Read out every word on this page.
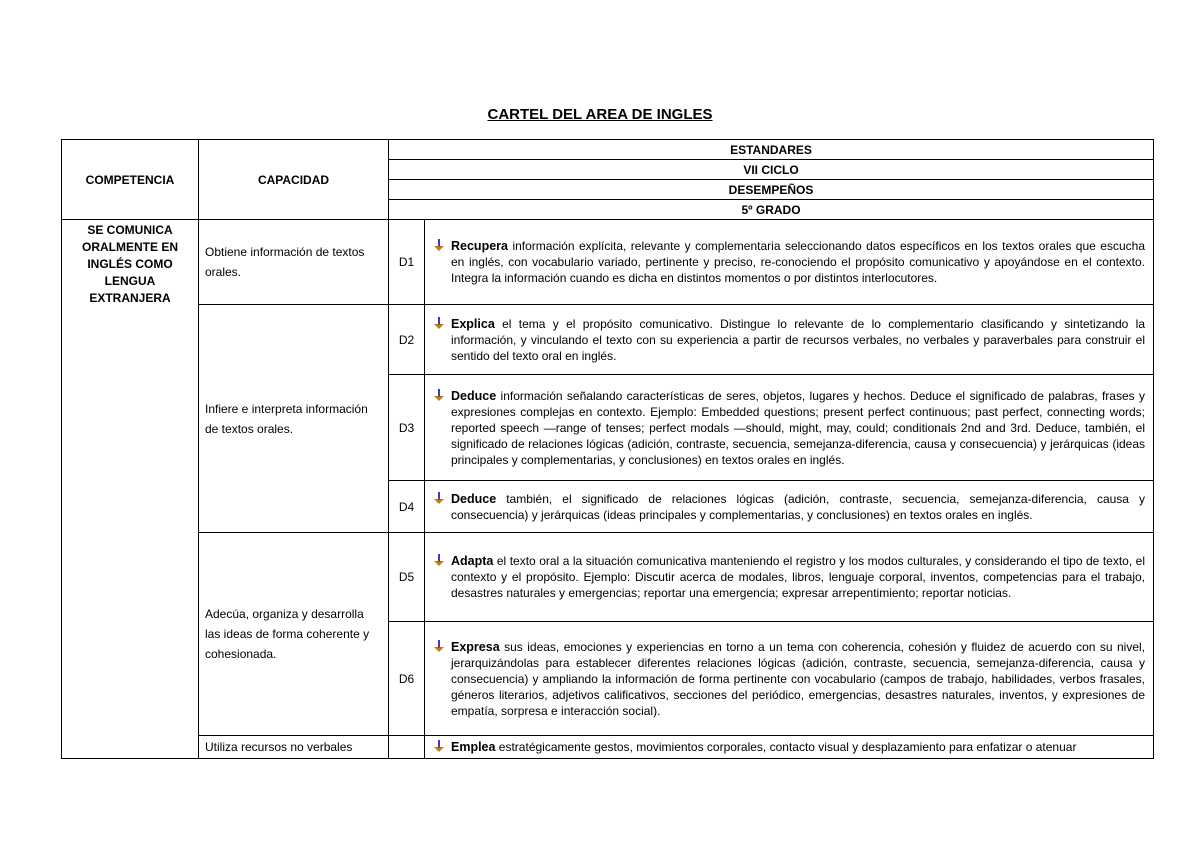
CARTEL DEL AREA DE INGLES
COMPETENCIA	CAPACIDAD	ESTANDARES	
		VII CICLO	
		DESEMPEÑOS	
		5º GRADO	
SE COMUNICA ORALMENTE EN INGLÉS COMO LENGUA EXTRANJERA	Obtiene información de textos orales.	D1	Recupera información explícita, relevante y complementaria seleccionando datos específicos en los textos orales que escucha en inglés, con vocabulario variado, pertinente y preciso, re-conociendo el propósito comunicativo y apoyándose en el contexto. Integra la información cuando es dicha en distintos momentos o por distintos interlocutores.

	Infiere e interpreta información de textos orales.	D2	Explica el tema y el propósito comunicativo. Distingue lo relevante de lo complementario clasificando y sintetizando la información, y vinculando el texto con su experiencia a partir de recursos verbales, no verbales y paraverbales para construir el sentido del texto oral en inglés.

		D3	Deduce información señalando características de seres, objetos, lugares y hechos. Deduce el significado de palabras, frases y expresiones complejas en contexto. Ejemplo: Embedded questions; present perfect continuous; past perfect, connecting words; reported speech —range of tenses; perfect modals —should, might, may, could; conditionals 2nd and 3rd. Deduce, también, el significado de relaciones lógicas (adición, contraste, secuencia, semejanza-diferencia, causa y consecuencia) y jerárquicas (ideas principales y complementarias, y conclusiones) en textos orales en inglés.

		D4	Deduce también, el significado de relaciones lógicas (adición, contraste, secuencia, semejanza-diferencia, causa y consecuencia) y jerárquicas (ideas principales y complementarias, y conclusiones) en textos orales en inglés.

	Adecúa, organiza y desarrolla las ideas de forma coherente y cohesionada.	D5	Adapta el texto oral a la situación comunicativa manteniendo el registro y los modos culturales, y considerando el tipo de texto, el contexto y el propósito. Ejemplo: Discutir acerca de modales, libros, lenguaje corporal, inventos, competencias para el trabajo, desastres naturales y emergencias; reportar una emergencia; expresar arrepentimiento; reportar noticias.

		D6	Expresa sus ideas, emociones y experiencias en torno a un tema con coherencia, cohesión y fluidez de acuerdo con su nivel, jerarquizándolas para establecer diferentes relaciones lógicas (adición, contraste, secuencia, semejanza-diferencia, causa y consecuencia) y ampliando la información de forma pertinente con vocabulario (campos de trabajo, habilidades, verbos frasales, géneros literarios, adjetivos calificativos, secciones del periódico, emergencias, desastres naturales, inventos, y expresiones de empatía, sorpresa e interacción social).

	Utiliza recursos no verbales		Emplea estratégicamente gestos, movimientos corporales, contacto visual y desplazamiento para enfatizar o atenuar
